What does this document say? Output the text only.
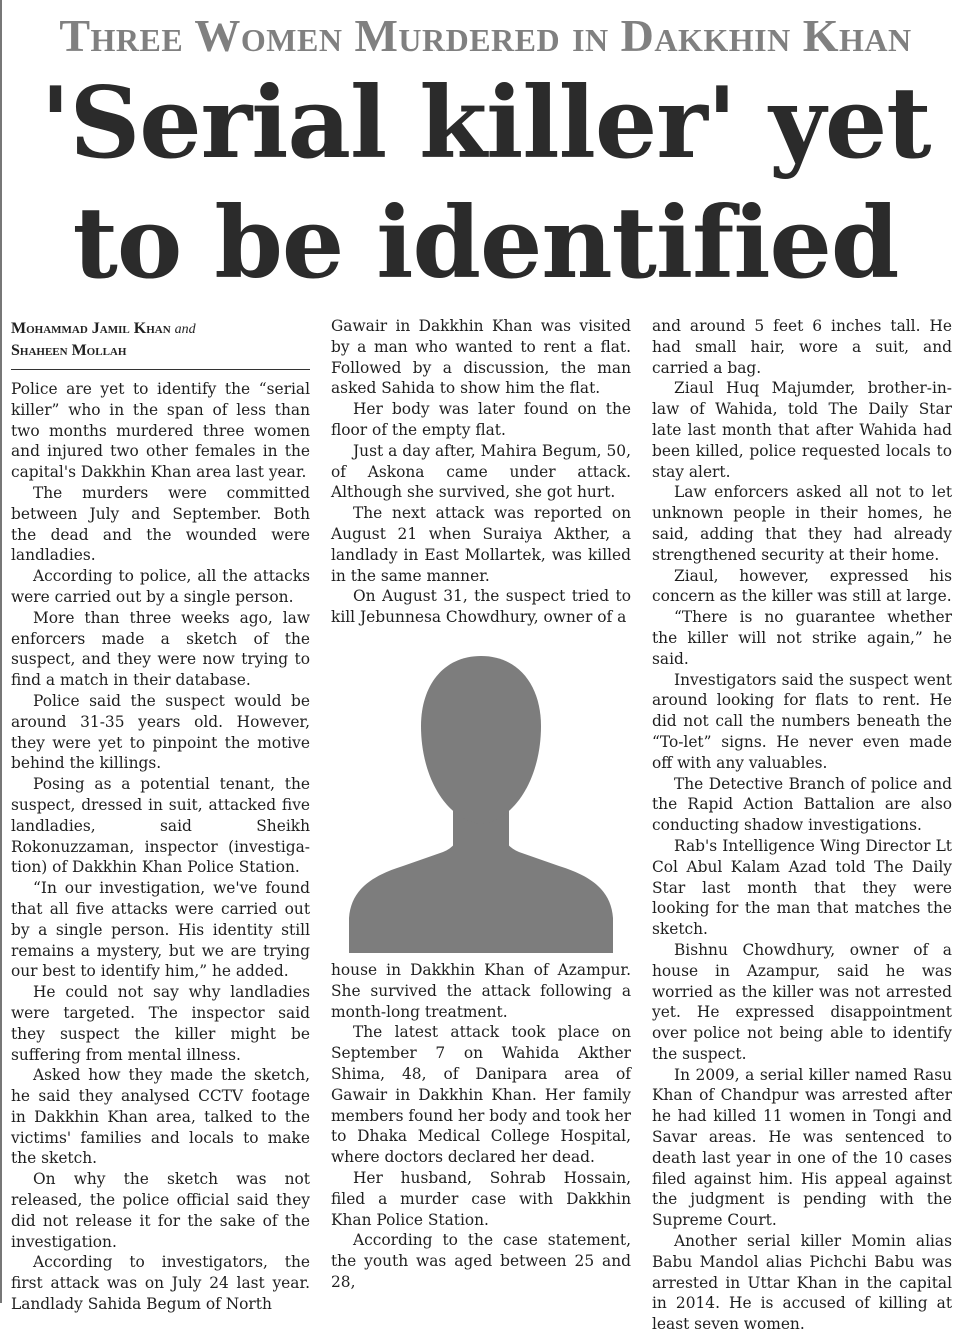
Three Women Murdered in Dakkhin Khan
'Serial killer' yet
to be identified
Mohammad Jamil Khan and
Shaheen Mollah

Police are yet to identify the “serial killer” who in the span of less than two months murdered three women and injured two other females in the capital's Dakkhin Khan area last year.

The murders were committed between July and September. Both the dead and the wounded were landladies.

According to police, all the attacks were carried out by a single person.

More than three weeks ago, law enforcers made a sketch of the suspect, and they were now trying to find a match in their database.

Police said the suspect would be around 31-35 years old. However, they were yet to pinpoint the motive behind the killings.

Posing as a potential tenant, the suspect, dressed in suit, attacked five landladies, said Sheikh Rokonuzzaman, inspector (investiga-tion) of Dakkhin Khan Police Station.

“In our investigation, we've found that all five attacks were carried out by a single person. His identity still remains a mystery, but we are trying our best to identify him,” he added.

He could not say why landladies were targeted. The inspector said they suspect the killer might be suffering from mental illness.

Asked how they made the sketch, he said they analysed CCTV footage in Dakkhin Khan area, talked to the victims' families and locals to make the sketch.

On why the sketch was not released, the police official said they did not release it for the sake of the investigation.

According to investigators, the first attack was on July 24 last year. Landlady Sahida Begum of North

Gawair in Dakkhin Khan was visited by a man who wanted to rent a flat. Followed by a discussion, the man asked Sahida to show him the flat.

Her body was later found on the floor of the empty flat.

Just a day after, Mahira Begum, 50, of Askona came under attack. Although she survived, she got hurt.

The next attack was reported on August 21 when Suraiya Akther, a landlady in East Mollartek, was killed in the same manner.

On August 31, the suspect tried to kill Jebunnesa Chowdhury, owner of a

house in Dakkhin Khan of Azampur. She survived the attack following a month-long treatment.

The latest attack took place on September 7 on Wahida Akther Shima, 48, of Danipara area of Gawair in Dakkhin Khan. Her family members found her body and took her to Dhaka Medical College Hospital, where doctors declared her dead.

Her husband, Sohrab Hossain, filed a murder case with Dakkhin Khan Police Station.

According to the case statement, the youth was aged between 25 and 28,

and around 5 feet 6 inches tall. He had small hair, wore a suit, and carried a bag.

Ziaul Huq Majumder, brother-in-law of Wahida, told The Daily Star late last month that after Wahida had been killed, police requested locals to stay alert.

Law enforcers asked all not to let unknown people in their homes, he said, adding that they had already strengthened security at their home.

Ziaul, however, expressed his concern as the killer was still at large.

“There is no guarantee whether the killer will not strike again,” he said.

Investigators said the suspect went around looking for flats to rent. He did not call the numbers beneath the “To-let” signs. He never even made off with any valuables.

The Detective Branch of police and the Rapid Action Battalion are also conducting shadow investigations.

Rab's Intelligence Wing Director Lt Col Abul Kalam Azad told The Daily Star last month that they were looking for the man that matches the sketch.

Bishnu Chowdhury, owner of a house in Azampur, said he was worried as the killer was not arrested yet. He expressed disappointment over police not being able to identify the suspect.

In 2009, a serial killer named Rasu Khan of Chandpur was arrested after he had killed 11 women in Tongi and Savar areas. He was sentenced to death last year in one of the 10 cases filed against him. His appeal against the judgment is pending with the Supreme Court.

Another serial killer Momin alias Babu Mandol alias Pichchi Babu was arrested in Uttar Khan in the capital in 2014. He is accused of killing at least seven women.
